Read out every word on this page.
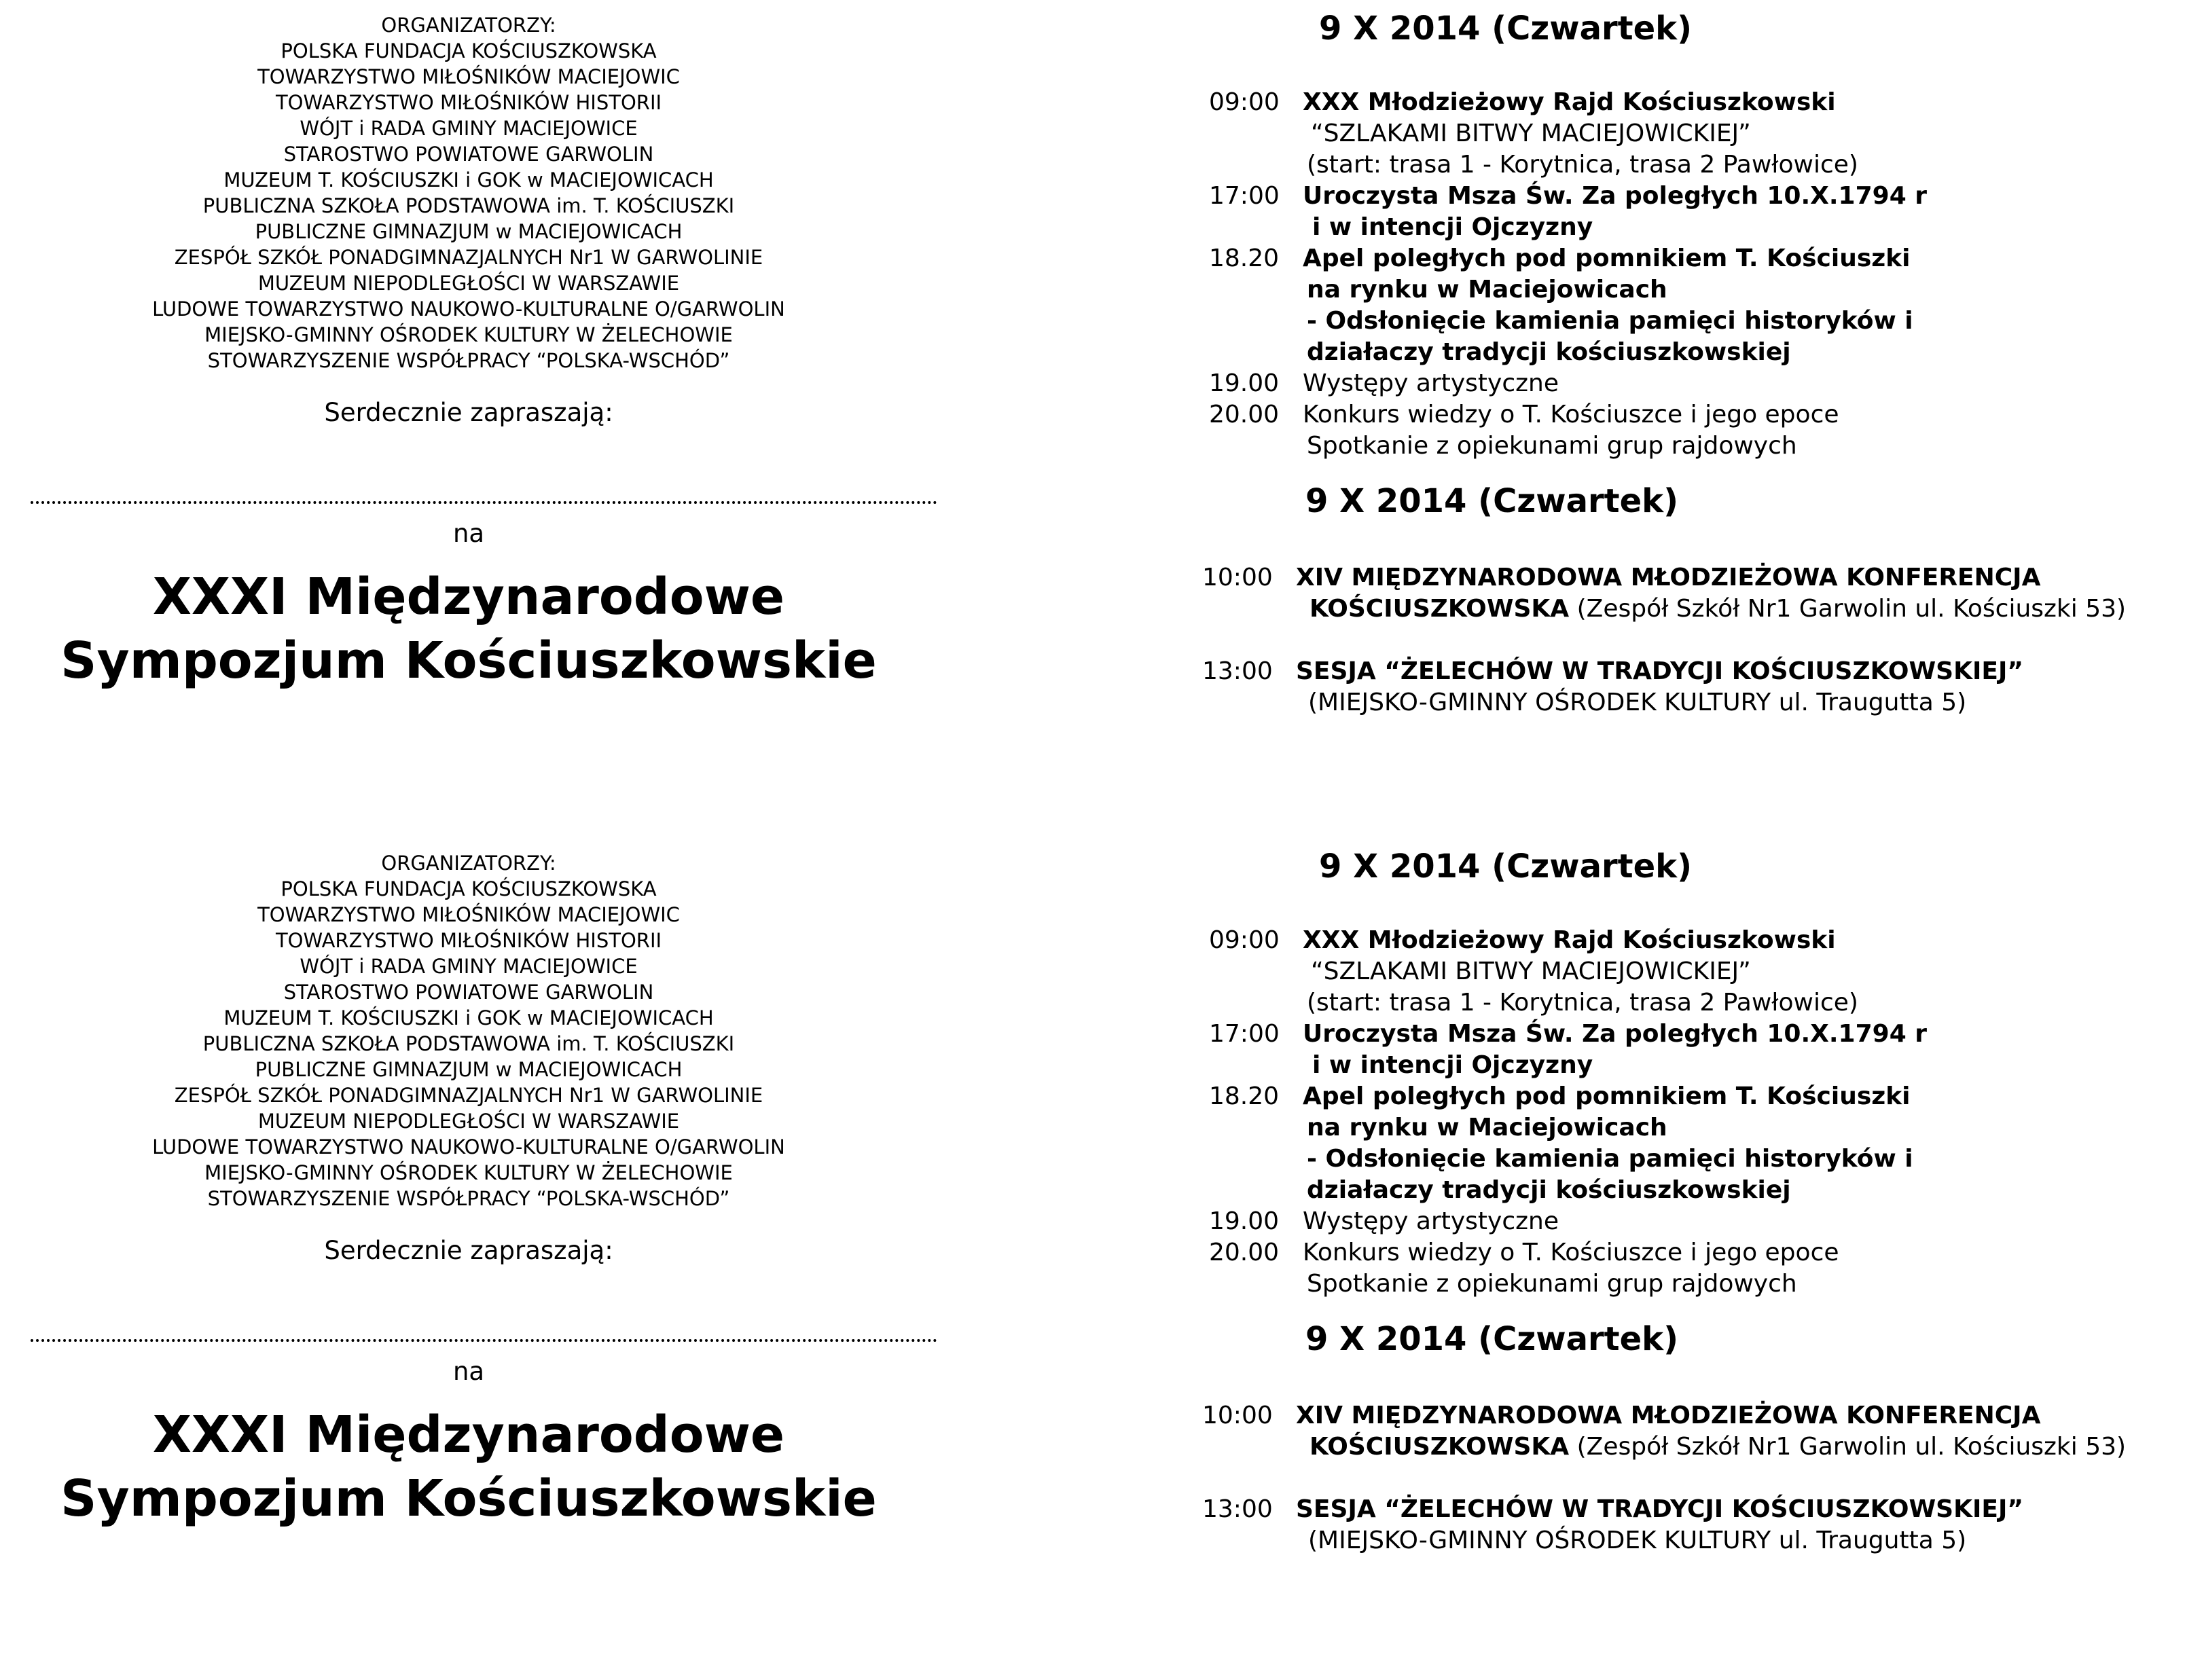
ORGANIZATORZY:
POLSKA FUNDACJA KOŚCIUSZKOWSKA
TOWARZYSTWO MIŁOŚNIKÓW MACIEJOWIC
TOWARZYSTWO MIŁOŚNIKÓW HISTORII
WÓJT i RADA GMINY MACIEJOWICE
STAROSTWO POWIATOWE GARWOLIN
MUZEUM T. KOŚCIUSZKI i GOK w MACIEJOWICACH
PUBLICZNA SZKOŁA PODSTAWOWA im. T. KOŚCIUSZKI
PUBLICZNE GIMNAZJUM w MACIEJOWICACH
ZESPÓŁ SZKÓŁ PONADGIMNAZJALNYCH Nr1 W GARWOLINIE
MUZEUM NIEPODLEGŁOŚCI W WARSZAWIE
LUDOWE TOWARZYSTWO NAUKOWO-KULTURALNE O/GARWOLIN
MIEJSKO-GMINNY OŚRODEK KULTURY W ŻELECHOWIE
STOWARZYSZENIE WSPÓŁPRACY “POLSKA-WSCHÓD”
Serdecznie zapraszają:
na
XXXI Międzynarodowe
Sympozjum Kościuszkowskie
9 X 2014 (Czwartek)
09:00 XXX Młodzieżowy Rajd Kościuszkowski
“SZLAKAMI BITWY MACIEJOWICKIEJ”
(start: trasa 1 - Korytnica, trasa 2 Pawłowice)
17:00 Uroczysta Msza Św. Za poległych 10.X.1794 r
i w intencji Ojczyzny
18.20 Apel poległych pod pomnikiem T. Kościuszki
na rynku w Maciejowicach
- Odsłonięcie kamienia pamięci historyków i
działaczy tradycji kościuszkowskiej
19.00 Występy artystyczne
20.00 Konkurs wiedzy o T. Kościuszce i jego epoce
Spotkanie z opiekunami grup rajdowych
9 X 2014 (Czwartek)
10:00 XIV MIĘDZYNARODOWA MŁODZIEŻOWA KONFERENCJA
KOŚCIUSZKOWSKA (Zespół Szkół Nr1 Garwolin ul. Kościuszki 53)
13:00 SESJA “ŻELECHÓW W TRADYCJI KOŚCIUSZKOWSKIEJ”
(MIEJSKO-GMINNY OŚRODEK KULTURY ul. Traugutta 5)
ORGANIZATORZY:
POLSKA FUNDACJA KOŚCIUSZKOWSKA
TOWARZYSTWO MIŁOŚNIKÓW MACIEJOWIC
TOWARZYSTWO MIŁOŚNIKÓW HISTORII
WÓJT i RADA GMINY MACIEJOWICE
STAROSTWO POWIATOWE GARWOLIN
MUZEUM T. KOŚCIUSZKI i GOK w MACIEJOWICACH
PUBLICZNA SZKOŁA PODSTAWOWA im. T. KOŚCIUSZKI
PUBLICZNE GIMNAZJUM w MACIEJOWICACH
ZESPÓŁ SZKÓŁ PONADGIMNAZJALNYCH Nr1 W GARWOLINIE
MUZEUM NIEPODLEGŁOŚCI W WARSZAWIE
LUDOWE TOWARZYSTWO NAUKOWO-KULTURALNE O/GARWOLIN
MIEJSKO-GMINNY OŚRODEK KULTURY W ŻELECHOWIE
STOWARZYSZENIE WSPÓŁPRACY “POLSKA-WSCHÓD”
Serdecznie zapraszają:
na
XXXI Międzynarodowe
Sympozjum Kościuszkowskie
9 X 2014 (Czwartek)
09:00 XXX Młodzieżowy Rajd Kościuszkowski
“SZLAKAMI BITWY MACIEJOWICKIEJ”
(start: trasa 1 - Korytnica, trasa 2 Pawłowice)
17:00 Uroczysta Msza Św. Za poległych 10.X.1794 r
i w intencji Ojczyzny
18.20 Apel poległych pod pomnikiem T. Kościuszki
na rynku w Maciejowicach
- Odsłonięcie kamienia pamięci historyków i
działaczy tradycji kościuszkowskiej
19.00 Występy artystyczne
20.00 Konkurs wiedzy o T. Kościuszce i jego epoce
Spotkanie z opiekunami grup rajdowych
9 X 2014 (Czwartek)
10:00 XIV MIĘDZYNARODOWA MŁODZIEŻOWA KONFERENCJA
KOŚCIUSZKOWSKA (Zespół Szkół Nr1 Garwolin ul. Kościuszki 53)
13:00 SESJA “ŻELECHÓW W TRADYCJI KOŚCIUSZKOWSKIEJ”
(MIEJSKO-GMINNY OŚRODEK KULTURY ul. Traugutta 5)
